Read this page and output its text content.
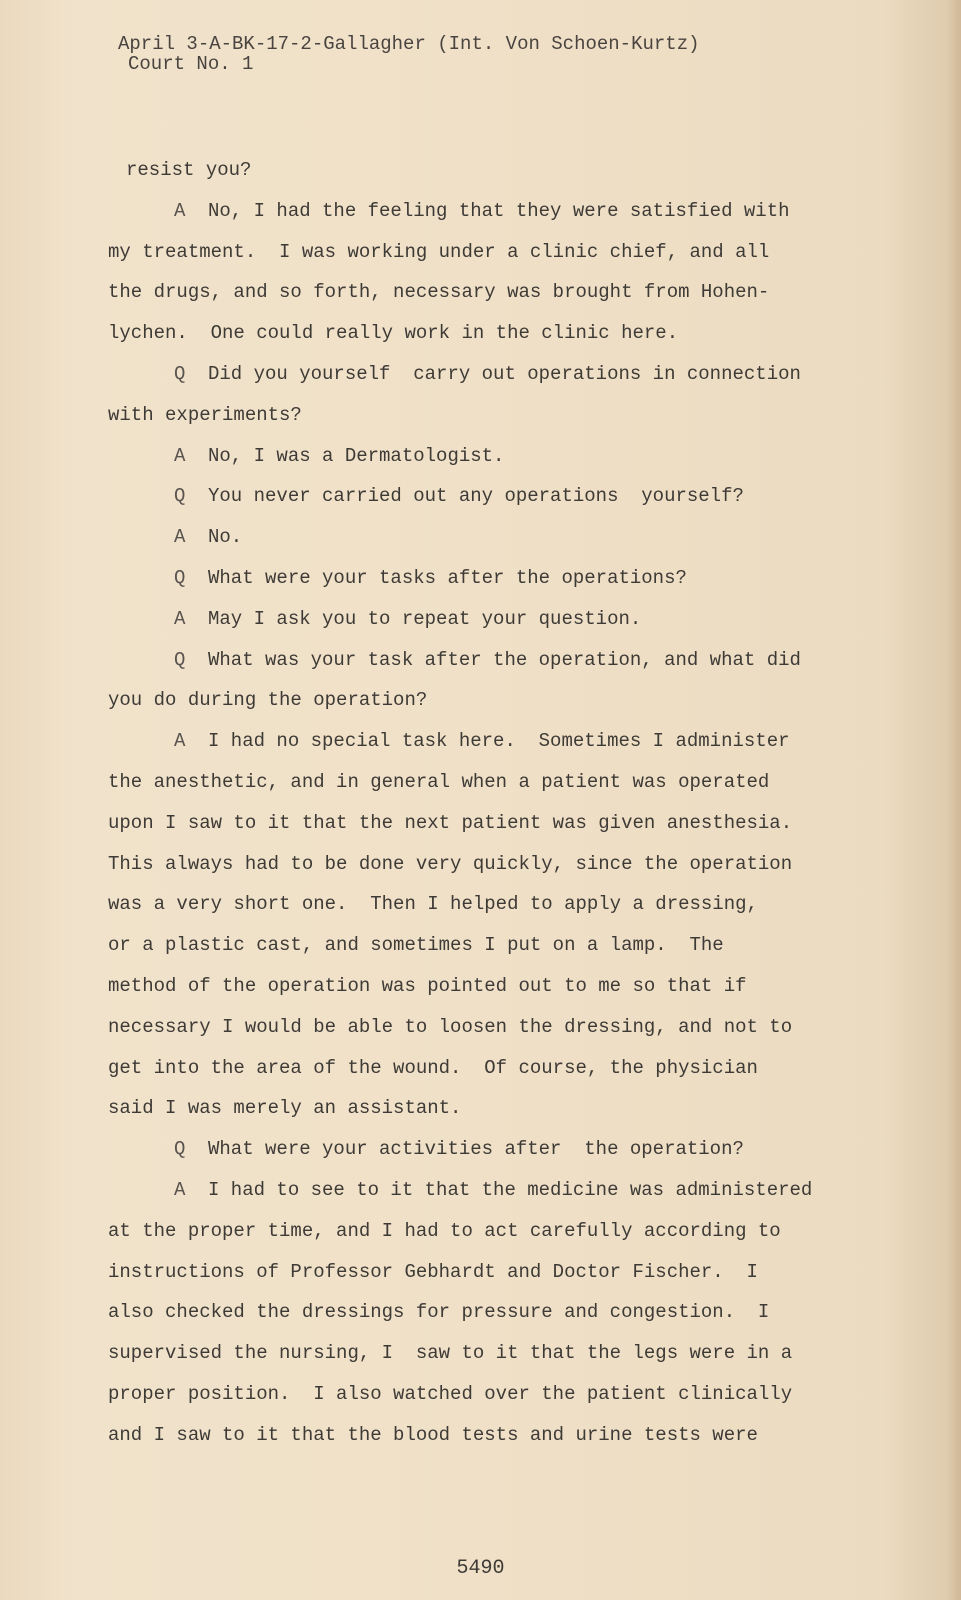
April 3-A-BK-17-2-Gallagher (Int. Von Schoen-Kurtz)
Court No. 1
resist you?
A No, I had the feeling that they were satisfied with
my treatment.  I was working under a clinic chief, and all
the drugs, and so forth, necessary was brought from Hohen-
lychen.  One could really work in the clinic here.
Q Did you yourself  carry out operations in connection
with experiments?
A No, I was a Dermatologist.
Q You never carried out any operations  yourself?
A No.
Q What were your tasks after the operations?
A May I ask you to repeat your question.
Q What was your task after the operation, and what did
you do during the operation?
A I had no special task here.  Sometimes I administer
the anesthetic, and in general when a patient was operated
upon I saw to it that the next patient was given anesthesia.
This always had to be done very quickly, since the operation
was a very short one.  Then I helped to apply a dressing,
or a plastic cast, and sometimes I put on a lamp.  The
method of the operation was pointed out to me so that if
necessary I would be able to loosen the dressing, and not to
get into the area of the wound.  Of course, the physician
said I was merely an assistant.
Q What were your activities after  the operation?
A I had to see to it that the medicine was administered
at the proper time, and I had to act carefully according to
instructions of Professor Gebhardt and Doctor Fischer.  I
also checked the dressings for pressure and congestion.  I
supervised the nursing, I  saw to it that the legs were in a
proper position.  I also watched over the patient clinically
and I saw to it that the blood tests and urine tests were
5490
